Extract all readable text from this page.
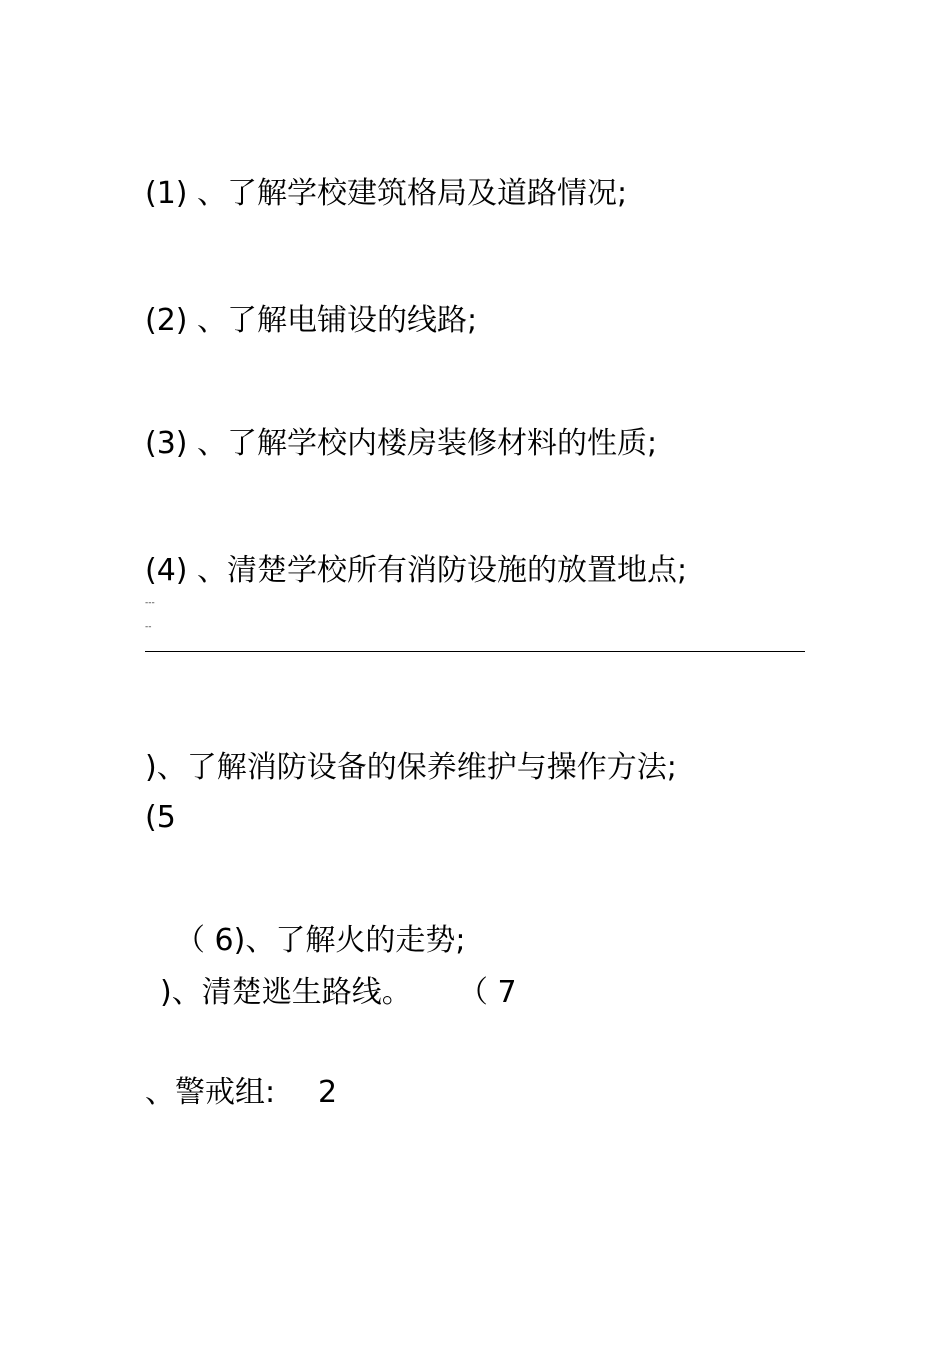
(1) 、了解学校建筑格局及道路情况;
(2) 、了解电铺设的线路;
(3) 、了解学校内楼房装修材料的性质;
(4) 、清楚学校所有消防设施的放置地点;
---
--
)、了解消防设备的保养维护与操作方法;
(5
（ 6)、了解火的走势;
)、清楚逃生路线。 （ 7
、警戒组: 2
